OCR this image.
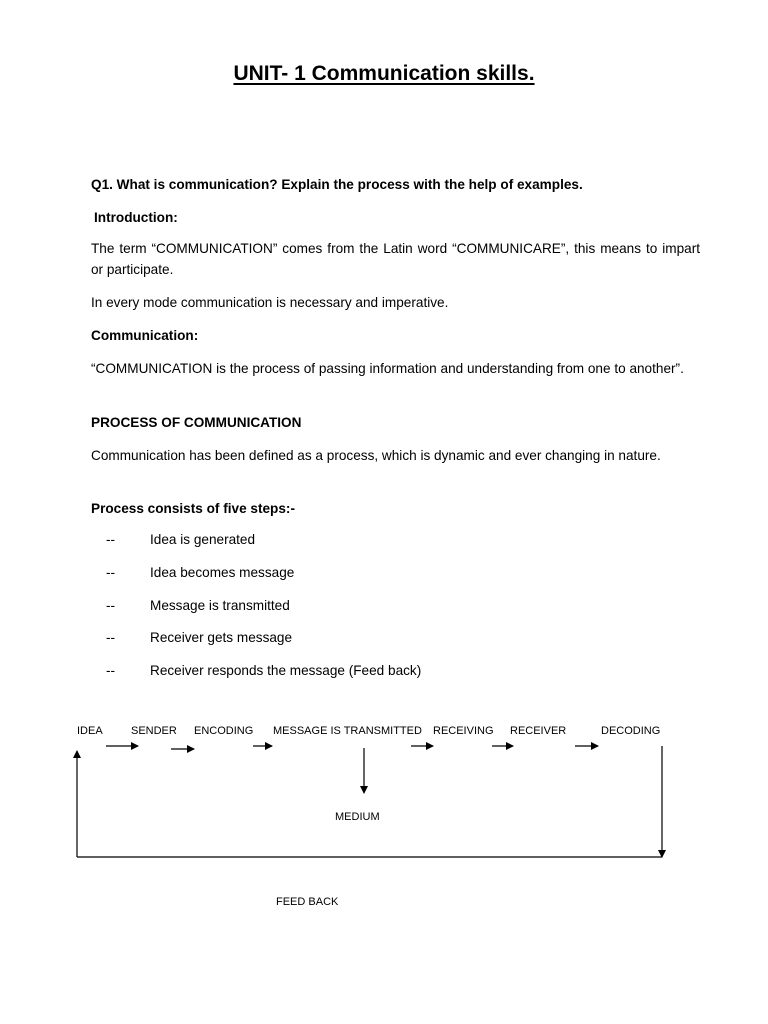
UNIT- 1 Communication skills.
Q1. What is communication? Explain the process with the help of examples.
Introduction:
The term “COMMUNICATION” comes from the Latin word “COMMUNICARE”, this means to impart or participate.
In every mode communication is necessary and imperative.
Communication:
“COMMUNICATION is the process of passing information and understanding from one to another”.
PROCESS OF COMMUNICATION
Communication has been defined as a process, which is dynamic and ever changing in nature.
Process consists of five steps:-
--	Idea is generated
--	Idea becomes message
--	Message is transmitted
--	Receiver gets message
--	Receiver responds the message (Feed back)
IDEA	SENDER ENCODING MESSAGE IS TRANSMITTED RECEIVING RECEIVER	DECODING
MEDIUM
FEED BACK
